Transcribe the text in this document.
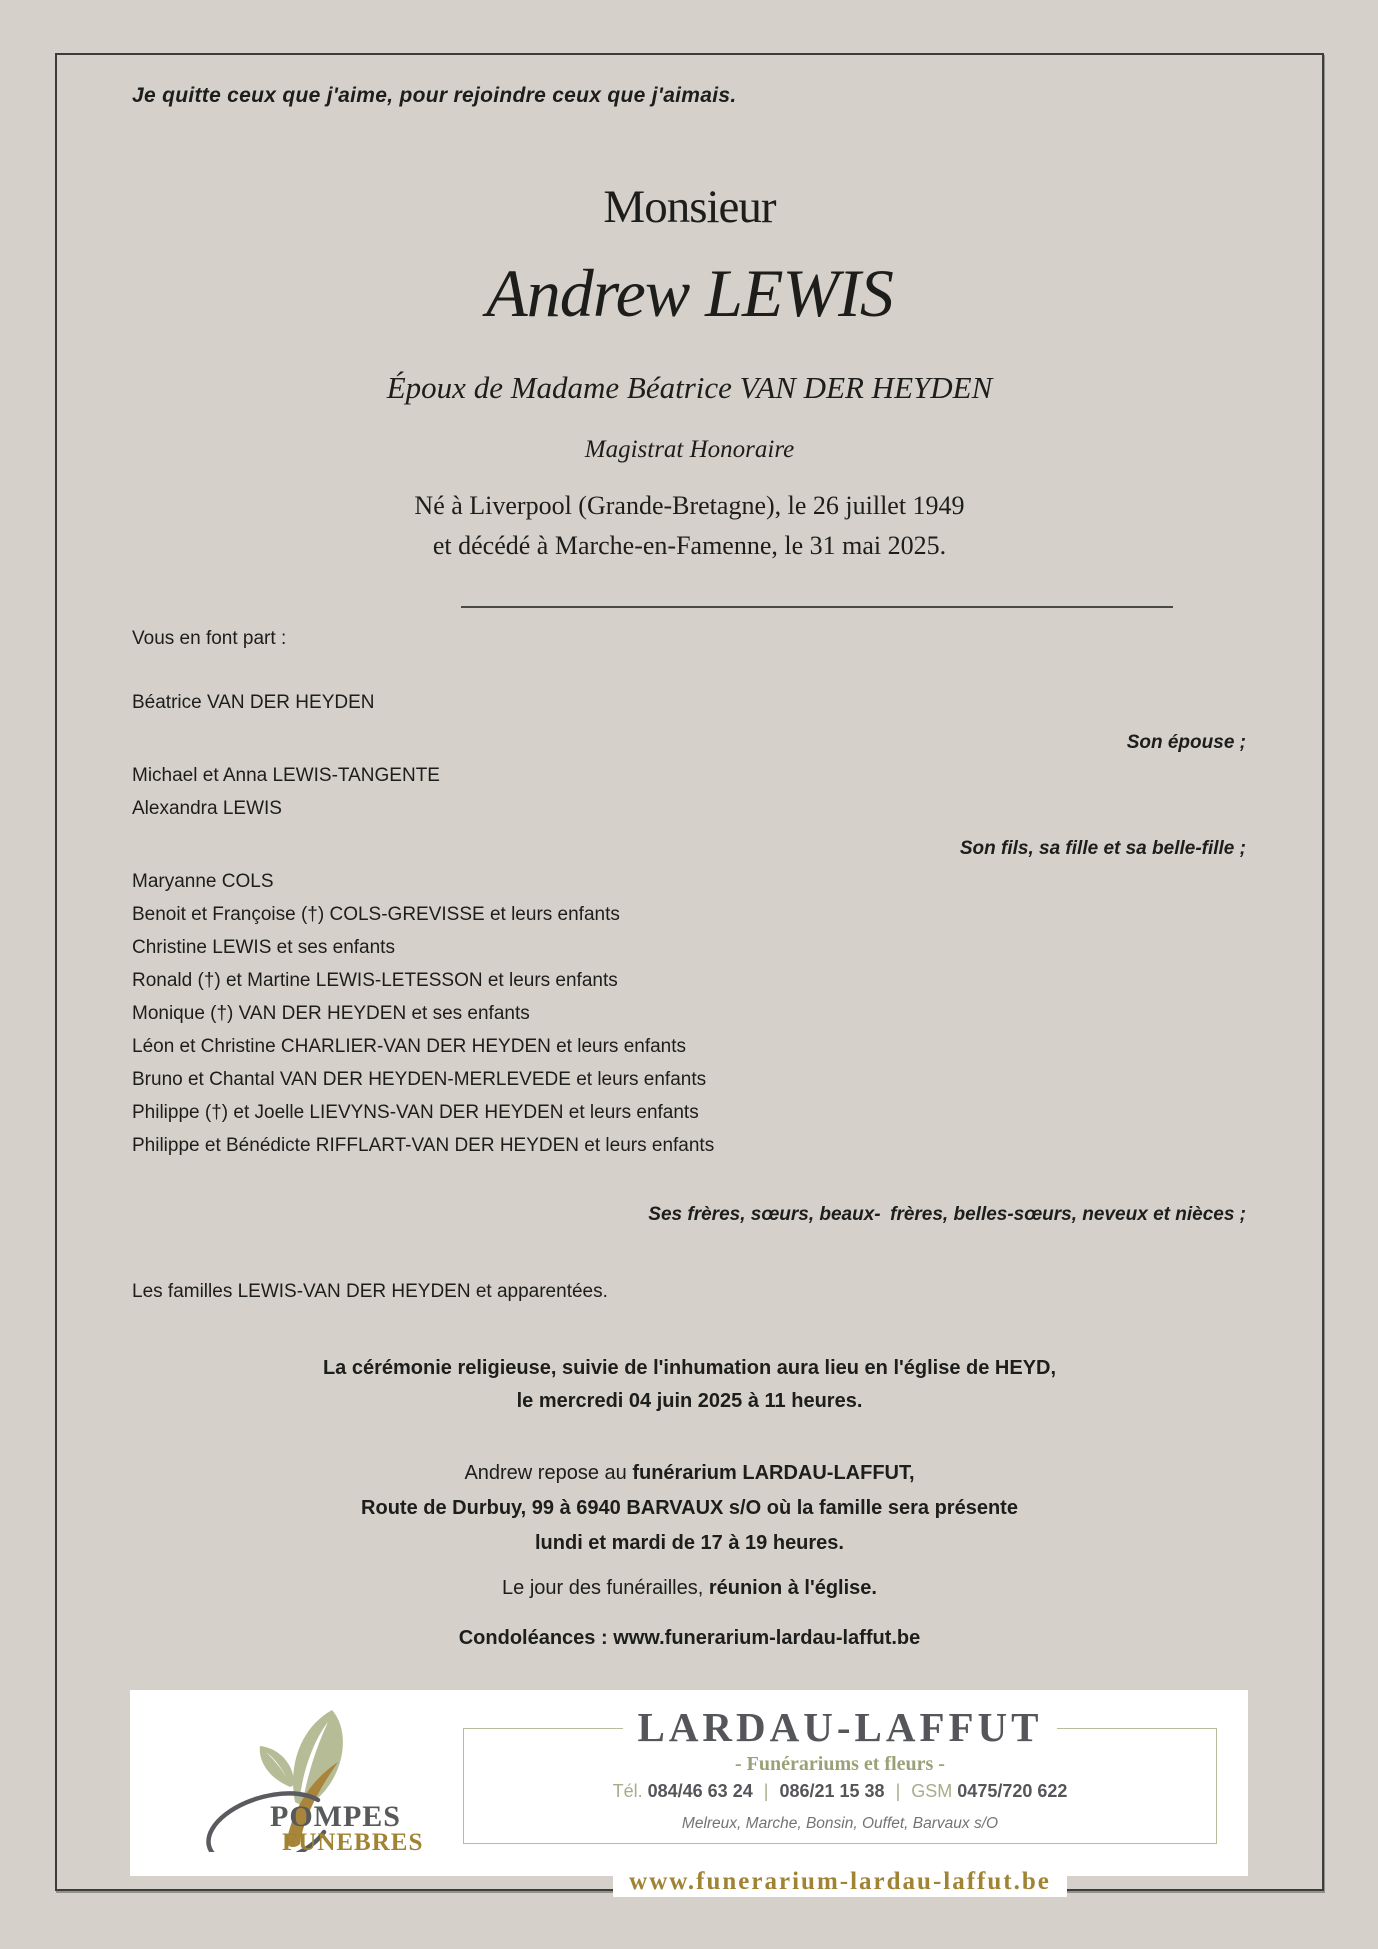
Je quitte ceux que j'aime, pour rejoindre ceux que j'aimais.
Monsieur
Andrew LEWIS
Époux de Madame Béatrice VAN DER HEYDEN
Magistrat Honoraire
Né à Liverpool (Grande-Bretagne), le 26 juillet 1949
et décédé à Marche-en-Famenne, le 31 mai 2025.
Vous en font part :
Béatrice VAN DER HEYDEN
Son épouse ;
Michael et Anna LEWIS-TANGENTE
Alexandra LEWIS
Son fils, sa fille et sa belle-fille ;
Maryanne COLS
Benoit et Françoise (†) COLS-GREVISSE et leurs enfants
Christine LEWIS et ses enfants
Ronald (†) et Martine LEWIS-LETESSON et leurs enfants
Monique (†) VAN DER HEYDEN et ses enfants
Léon et Christine CHARLIER-VAN DER HEYDEN et leurs enfants
Bruno et Chantal VAN DER HEYDEN-MERLEVEDE et leurs enfants
Philippe (†) et Joelle LIEVYNS-VAN DER HEYDEN et leurs enfants
Philippe et Bénédicte RIFFLART-VAN DER HEYDEN et leurs enfants
Ses frères, sœurs, beaux- frères, belles-sœurs, neveux et nièces ;
Les familles LEWIS-VAN DER HEYDEN et apparentées.
La cérémonie religieuse, suivie de l'inhumation aura lieu en l'église de HEYD,
le mercredi 04 juin 2025 à 11 heures.
Andrew repose au funérarium LARDAU-LAFFUT,
Route de Durbuy, 99 à 6940 BARVAUX s/O où la famille sera présente
lundi et mardi de 17 à 19 heures.
Le jour des funérailles, réunion à l'église.
Condoléances : www.funerarium-lardau-laffut.be
POMPES
FUNEBRES
LARDAU-LAFFUT
- Funérariums et fleurs -
Tél. 084/46 63 24 | 086/21 15 38 | GSM 0475/720 622
Melreux, Marche, Bonsin, Ouffet, Barvaux s/O
www.funerarium-lardau-laffut.be
